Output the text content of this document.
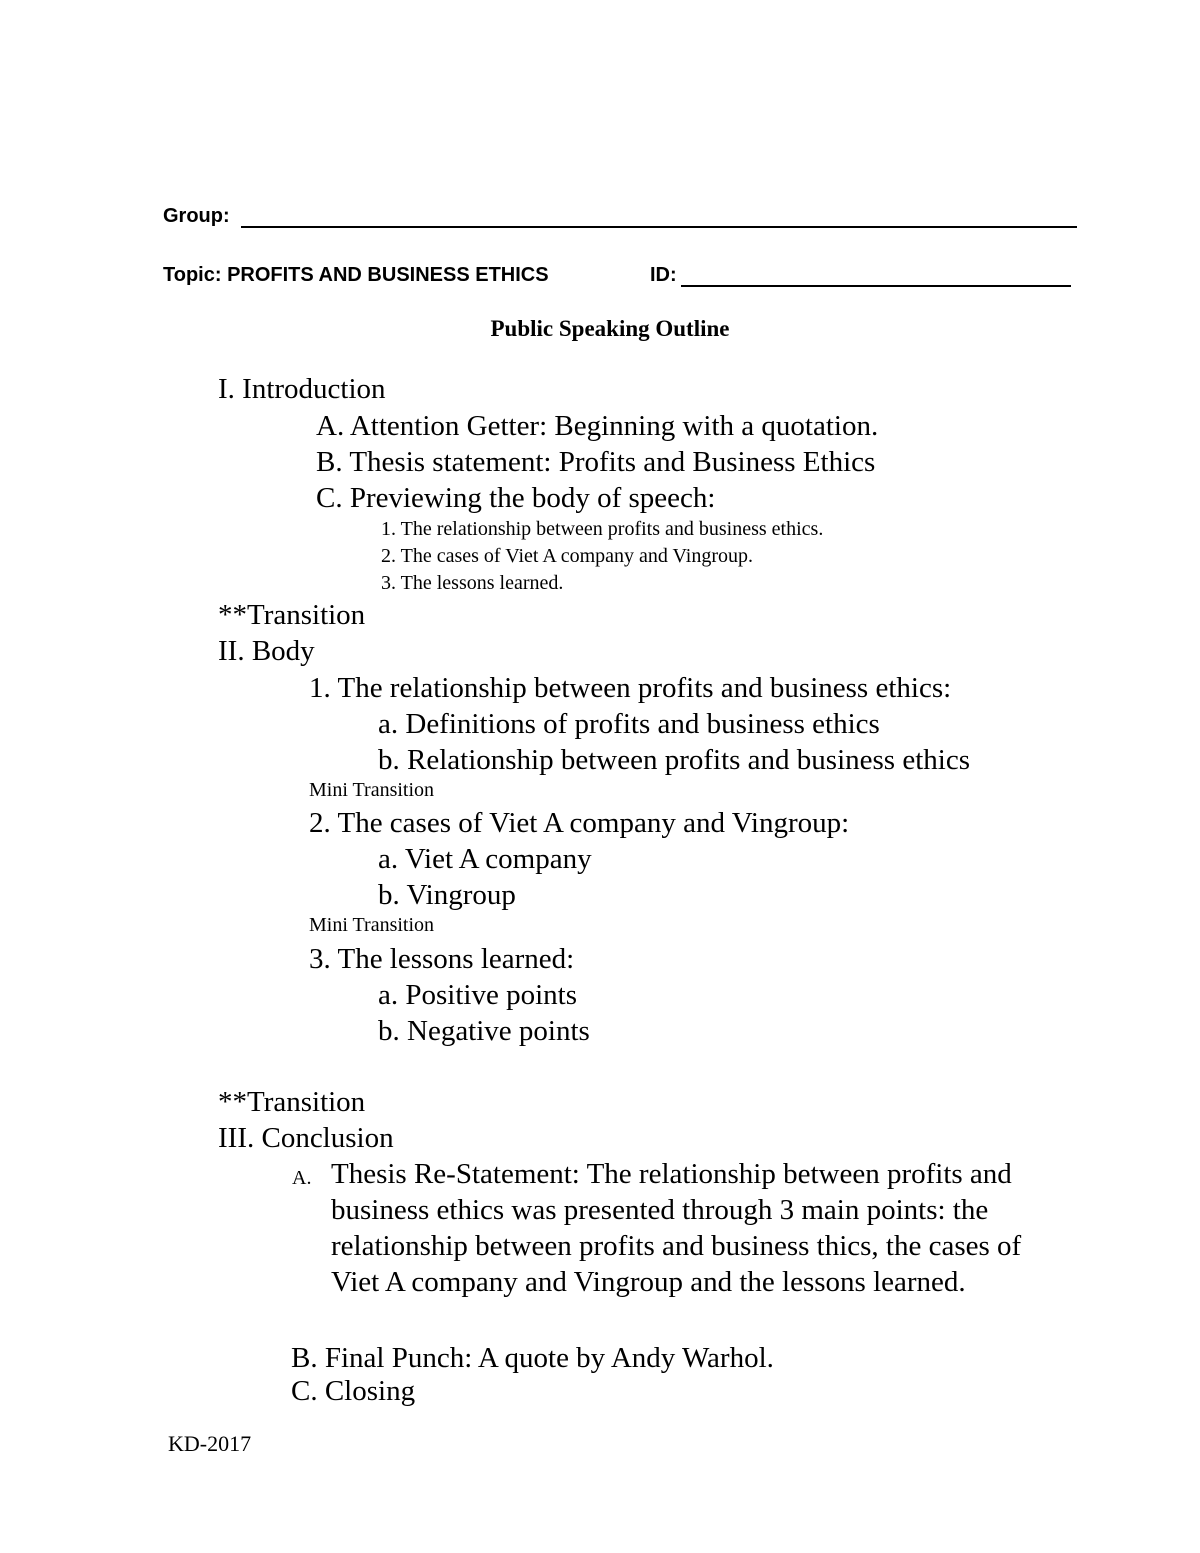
Group:
Topic: PROFITS AND BUSINESS ETHICS	ID:
Public Speaking Outline
I. Introduction
A. Attention Getter: Beginning with a quotation.
B. Thesis statement: Profits and Business Ethics
C. Previewing the body of speech:
1. The relationship between profits and business ethics.
2. The cases of Viet A company and Vingroup.
3. The lessons learned.
**Transition
II. Body
1. The relationship between profits and business ethics:
a. Definitions of profits and business ethics
b. Relationship between profits and business ethics
Mini Transition
2. The cases of Viet A company and Vingroup:
a. Viet A company
b. Vingroup
Mini Transition
3. The lessons learned:
a. Positive points
b. Negative points
**Transition
III. Conclusion
A. Thesis Re-Statement: The relationship between profits and business ethics was presented through 3 main points: the relationship between profits and business thics, the cases of Viet A company and Vingroup and the lessons learned.
B. Final Punch: A quote by Andy Warhol.
C. Closing
KD-2017
